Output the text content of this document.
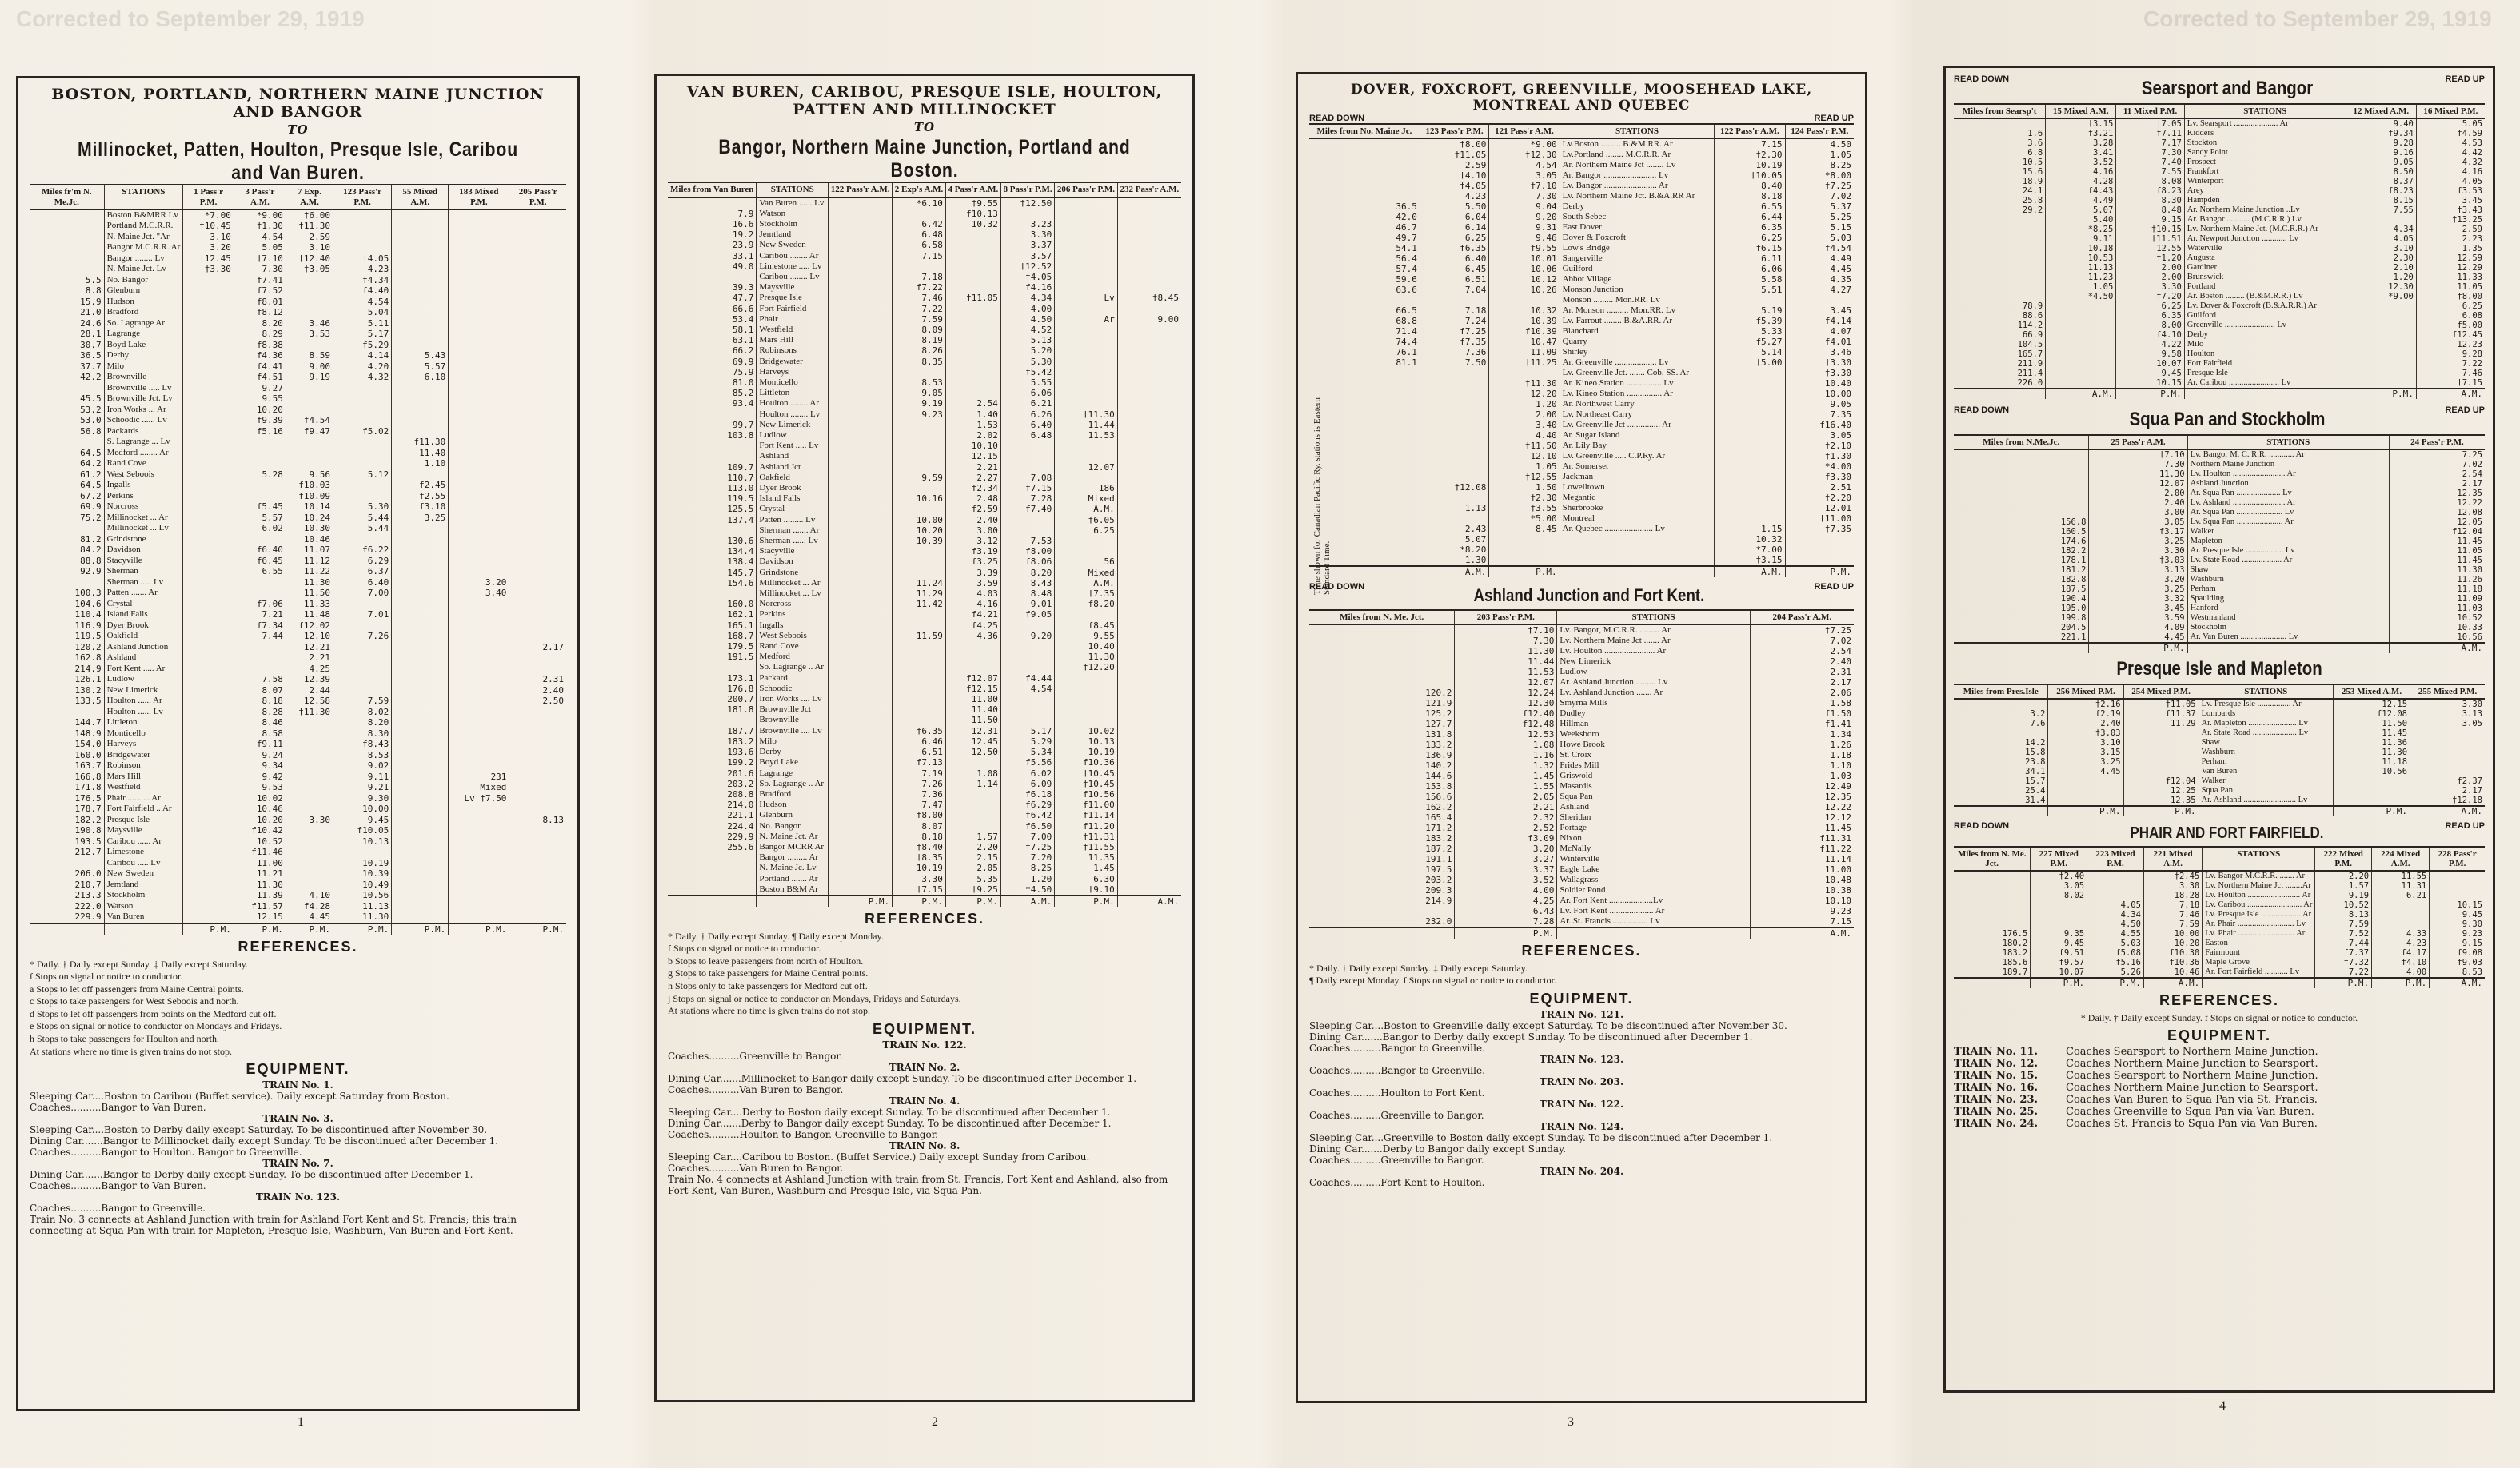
Corrected to September 29, 1919	Corrected to September 29, 1919
BOSTON, PORTLAND, NORTHERN MAINE JUNCTION AND BANGOR
TO
Millinocket, Patten, Houlton, Presque Isle, Caribou and Van Buren.
Miles fr'm N. Me.Jc.	STATIONS	1 Pass'r P.M.	3 Pass'r A.M.	7 Exp. A.M.	123 Pass'r P.M.	55 Mixed A.M.	183 Mixed P.M.	205 Pass'r P.M.
	Boston B&MRR Lv	*7.00	*9.00	†6.00				
	Portland M.C.R.R.	†10.45	†1.30	†11.30				
	N. Maine Jct. "Ar	3.10	4.54	2.59				
	Bangor M.C.R.R. Ar	3.20	5.05	3.10				
	Bangor ........ Lv	†12.45	†7.10	†12.40	†4.05			
	N. Maine Jct. Lv	†3.30	7.30	†3.05	4.23			
5.5	No. Bangor		f7.41		f4.34			
8.8	Glenburn		f7.52		f4.40			
15.9	Hudson		f8.01		4.54			
21.0	Bradford		f8.12		5.04			
24.6	So. Lagrange Ar		8.20	3.46	5.11			
28.1	Lagrange		8.29	3.53	5.17			
30.7	Boyd Lake		f8.38		f5.29			
36.5	Derby		f4.36	8.59	4.14	5.43		
37.7	Milo		f4.41	9.00	4.20	5.57		
42.2	Brownville		f4.51	9.19	4.32	6.10		
	Brownville ..... Lv		9.27					
45.5	Brownville Jct. Lv		9.55					
53.2	Iron Works ... Ar		10.20					
53.0	Schoodic ...... Lv		f9.39	f4.54				
56.8	Packards		f5.16	f9.47	f5.02			
	S. Lagrange ... Lv					f11.30		
64.5	Medford ........ Ar					11.40		
64.2	Rand Cove					1.10		
61.2	West Seboois		5.28	9.56	5.12			
64.5	Ingalls			f10.03		f2.45		
67.2	Perkins			f10.09		f2.55		
69.9	Norcross		f5.45	10.14	5.30	f3.10		
75.2	Millinocket ... Ar		5.57	10.24	5.44	3.25		
	Millinocket ... Lv		6.02	10.30	5.44			
81.2	Grindstone			10.46				
84.2	Davidson		f6.40	11.07	f6.22			
88.8	Stacyville		f6.45	11.12	6.29			
92.9	Sherman		6.55	11.22	6.37			
	Sherman ..... Lv			11.30	6.40		3.20	
100.3	Patten ....... Ar			11.50	7.00		3.40	
104.6	Crystal		f7.06	11.33				
110.4	Island Falls		7.21	11.48	7.01			
116.9	Dyer Brook		f7.34	f12.02				
119.5	Oakfield		7.44	12.10	7.26			
120.2	Ashland Junction			12.21				2.17
162.8	Ashland			2.21				
214.9	Fort Kent ..... Ar			4.25				
126.1	Ludlow		7.58	12.39				2.31
130.2	New Limerick		8.07	2.44				2.40
133.5	Houlton ...... Ar		8.18	12.58	7.59			2.50
	Houlton ...... Lv		8.28	†11.30	8.02			
144.7	Littleton		8.46		8.20			
148.9	Monticello		8.58		8.30			
154.0	Harveys		f9.11		f8.43			
160.0	Bridgewater		9.24		8.53			
163.7	Robinson		9.34		9.02			
166.8	Mars Hill		9.42		9.11		231	
171.8	Westfield		9.53		9.21		Mixed	
176.5	Phair .......... Ar		10.02		9.30		Lv †7.50	
178.7	Fort Fairfield .. Ar		10.46		10.00			
182.2	Presque Isle		10.20	3.30	9.45			8.13
190.8	Maysville		f10.42		f10.05			
193.5	Caribou ...... Ar		10.52		10.13			
212.7	Limestone		f11.46					
	Caribou ..... Lv		11.00		10.19			
206.0	New Sweden		11.21		10.39			
210.7	Jemtland		11.30		10.49			
213.3	Stockholm		11.39	4.10	10.56			
222.0	Watson		f11.57	f4.28	11.13			
229.9	Van Buren		12.15	4.45	11.30			
		P.M.	P.M.	P.M.	P.M.	P.M.	P.M.	P.M.
REFERENCES.
* Daily. † Daily except Sunday. ‡ Daily except Saturday.
f Stops on signal or notice to conductor.
a Stops to let off passengers from Maine Central points.
c Stops to take passengers for West Seboois and north.
d Stops to let off passengers from points on the Medford cut off.
e Stops on signal or notice to conductor on Mondays and Fridays.
h Stops to take passengers for Houlton and north.
At stations where no time is given trains do not stop.
EQUIPMENT.
TRAIN No. 1.

Sleeping Car....Boston to Caribou (Buffet service). Daily except Saturday from Boston.

Coaches..........Bangor to Van Buren.

TRAIN No. 3.

Sleeping Car....Boston to Derby daily except Saturday. To be discontinued after November 30.

Dining Car.......Bangor to Millinocket daily except Sunday. To be discontinued after December 1.

Coaches..........Bangor to Houlton. Bangor to Greenville.

TRAIN No. 7.

Dining Car.......Bangor to Derby daily except Sunday. To be discontinued after December 1.

Coaches..........Bangor to Van Buren.

TRAIN No. 123.

Coaches..........Bangor to Greenville.

Train No. 3 connects at Ashland Junction with train for Ashland Fort Kent and St. Francis; this train connecting at Squa Pan with train for Mapleton, Presque Isle, Washburn, Van Buren and Fort Kent.

1
VAN BUREN, CARIBOU, PRESQUE ISLE, HOULTON, PATTEN AND MILLINOCKET
TO
Bangor, Northern Maine Junction, Portland and Boston.
Miles from Van Buren	STATIONS	122 Pass'r A.M.	2 Exp's A.M.	4 Pass'r A.M.	8 Pass'r P.M.	206 Pass'r P.M.	232 Pass'r A.M.
	Van Buren ...... Lv		*6.10	†9.55	†12.50		
7.9	Watson			f10.13			
16.6	Stockholm		6.42	10.32	3.23		
19.2	Jemtland		6.48		3.30		
23.9	New Sweden		6.58		3.37		
33.1	Caribou ........ Ar		7.15		3.57		
49.0	Limestone ..... Lv				†12.52		
	Caribou ........ Lv		7.18		†4.05		
39.3	Maysville		f7.22		f4.16		
47.7	Presque Isle		7.46	†11.05	4.34	Lv	†8.45
66.6	Fort Fairfield		7.22		4.00		
53.4	Phair		7.59		4.50	Ar	9.00
58.1	Westfield		8.09		4.52		
63.1	Mars Hill		8.19		5.13		
66.2	Robinsons		8.26		5.20		
69.9	Bridgewater		8.35		5.30		
75.9	Harveys				f5.42		
81.0	Monticello		8.53		5.55		
85.2	Littleton		9.05		6.06		
93.4	Houlton ........ Ar		9.19	2.54	6.21		
	Houlton ........ Lv		9.23	1.40	6.26	†11.30	
99.7	New Limerick			1.53	6.40	11.44	
103.8	Ludlow			2.02	6.48	11.53	
	Fort Kent ..... Lv			10.10			
	Ashland			12.15			
109.7	Ashland Jct			2.21		12.07	
110.7	Oakfield		9.59	2.27	7.08		
113.0	Dyer Brook			f2.34	f7.15	186	
119.5	Island Falls		10.16	2.48	7.28	Mixed	
125.5	Crystal			f2.59	f7.40	A.M.	
137.4	Patten ......... Lv		10.00	2.40		†6.05	
	Sherman ....... Ar		10.20	3.00		6.25	
130.6	Sherman ...... Lv		10.39	3.12	7.53		
134.4	Stacyville			f3.19	f8.00		
138.4	Davidson			f3.25	f8.06	56	
145.7	Grindstone			3.39	8.20	Mixed	
154.6	Millinocket ... Ar		11.24	3.59	8.43	A.M.	
	Millinocket ... Lv		11.29	4.03	8.48	†7.35	
160.0	Norcross		11.42	4.16	9.01	f8.20	
162.1	Perkins			f4.21	f9.05		
165.1	Ingalls			f4.25		f8.45	
168.7	West Seboois		11.59	4.36	9.20	9.55	
179.5	Rand Cove					10.40	
191.5	Medford					11.30	
	So. Lagrange .. Ar					†12.20	
173.1	Packard			f12.07	f4.44		
176.8	Schoodic			f12.15	4.54		
200.7	Iron Works .... Lv			11.00			
181.8	Brownville Jct			11.40			
	Brownville			11.50			
187.7	Brownville .... Lv		†6.35	12.31	5.17	10.02	
183.2	Milo		6.46	12.45	5.29	10.13	
193.6	Derby		6.51	12.50	5.34	10.19	
199.2	Boyd Lake		f7.13		f5.56	f10.36	
201.6	Lagrange		7.19	1.08	6.02	†10.45	
203.2	So. Lagrange .. Ar		7.26	1.14	6.09	†10.45	
208.8	Bradford		7.36		f6.18	f10.56	
214.0	Hudson		7.47		f6.29	f11.00	
221.1	Glenburn		f8.00		f6.42	f11.14	
224.4	No. Bangor		8.07		f6.50	f11.20	
229.9	N. Maine Jct. Ar		8.18	1.57	7.00	†11.31	
255.6	Bangor MCRR Ar		†8.40	2.20	†7.25	†11.55	
	Bangor ......... Ar		†8.35	2.15	7.20	11.35	
	N. Maine Jc. Lv		10.19	2.05	8.25	1.45	
	Portland ....... Ar		3.30	5.35	1.20	6.30	
	Boston B&M Ar		†7.15	†9.25	*4.50	†9.10	
		P.M.	P.M.	P.M.	A.M.	P.M.	A.M.
REFERENCES.
* Daily. † Daily except Sunday. ¶ Daily except Monday.
f Stops on signal or notice to conductor.
b Stops to leave passengers from north of Houlton.
g Stops to take passengers for Maine Central points.
h Stops only to take passengers for Medford cut off.
j Stops on signal or notice to conductor on Mondays, Fridays and Saturdays.
At stations where no time is given trains do not stop.
EQUIPMENT.
TRAIN No. 122.

Coaches..........Greenville to Bangor.

TRAIN No. 2.

Dining Car.......Millinocket to Bangor daily except Sunday. To be discontinued after December 1.

Coaches..........Van Buren to Bangor.

TRAIN No. 4.

Sleeping Car....Derby to Boston daily except Sunday. To be discontinued after December 1.

Dining Car.......Derby to Bangor daily except Sunday. To be discontinued after December 1.

Coaches..........Houlton to Bangor. Greenville to Bangor.

TRAIN No. 8.

Sleeping Car....Caribou to Boston. (Buffet Service.) Daily except Sunday from Caribou.

Coaches..........Van Buren to Bangor.

Train No. 4 connects at Ashland Junction with train from St. Francis, Fort Kent and Ashland, also from Fort Kent, Van Buren, Washburn and Presque Isle, via Squa Pan.

2
DOVER, FOXCROFT, GREENVILLE, MOOSEHEAD LAKE, MONTREAL AND QUEBEC
READ DOWN	READ UP
Miles from No. Maine Jc.	123 Pass'r P.M.	121 Pass'r A.M.	STATIONS	122 Pass'r A.M.	124 Pass'r P.M.
	†8.00	*9.00	Lv.Boston ......... B.&M.RR. Ar	7.15	4.50
	†11.05	†12.30	Lv.Portland ........ M.C.R.R. Ar	†2.30	1.05
	2.59	4.54	Ar. Northern Maine Jct ........ Lv	10.19	8.25
	†4.10	3.05	Ar. Bangor ........................ Lv	†10.05	*8.00
	†4.05	†7.10	Lv. Bangor ........................ Ar	8.40	†7.25
	4.23	7.30	Lv. Northern Maine Jct. B.&A.RR Ar	8.18	7.02
36.5	5.50	9.04	Derby	6.55	5.37
42.0	6.04	9.20	South Sebec	6.44	5.25
46.7	6.14	9.31	East Dover	6.35	5.15
49.7	6.25	9.46	Dover & Foxcroft	6.25	5.03
54.1	f6.35	f9.55	Low's Bridge	f6.15	f4.54
56.4	6.40	10.01	Sangerville	6.11	4.49
57.4	6.45	10.06	Guilford	6.06	4.45
59.6	6.51	10.12	Abbot Village	5.58	4.35
63.6	7.04	10.26	Monson Junction	5.51	4.27
			Monson ......... Mon.RR. Lv		
66.5	7.18	10.32	Ar. Monson .......... Mon.RR. Lv	5.19	3.45
68.8	7.24	10.39	Lv. Farrout ........ B.&A.RR. Ar	f5.39	f4.14
71.4	f7.25	f10.39	Blanchard	5.33	4.07
74.4	f7.35	10.47	Quarry	f5.27	f4.01
76.1	7.36	11.09	Shirley	5.14	3.46
81.1	7.50	†11.25	Ar. Greenville ................... Lv	†5.00	†3.30
			Lv. Greenville Jct. ....... Cob. SS. Ar		†3.30
		†11.30	Ar. Kineo Station ................ Lv		10.40
		12.20	Lv. Kineo Station ................ Ar		10.00
		1.20	Ar. Northwest Carry		9.05
		2.00	Lv. Northeast Carry		7.35
		3.40	Lv. Greenville Jct ............... Ar		f16.40
		4.40	Ar. Sugar Island		3.05
		†11.50	Ar. Lily Bay		†2.10
		12.10	Lv. Greenville ..... C.P.Ry. Ar		†1.30
		1.05	Ar. Somerset		*4.00
		†12.55	Jackman		f3.30
	†12.08	1.50	Lowelltown		2.51
		†2.30	Megantic		†2.20
	1.13	†3.55	Sherbrooke		12.01
		*5.00	Montreal		†11.00
	2.43	8.45	Ar. Quebec ...................... Lv	1.15	†7.35
	5.07			10.32	
	*8.20			*7.00	
	1.30			†3.15	
	A.M.	P.M.		A.M.	P.M.
Time shown for Canadian Pacific Ry. stations is Eastern Standard Time.
READ DOWN	Ashland Junction and Fort Kent.	READ UP
Miles from N. Me. Jct.	203 Pass'r P.M.	STATIONS	204 Pass'r A.M.
	†7.10	Lv. Bangor, M.C.R.R. ......... Ar	†7.25
	7.30	Lv. Northern Maine Jct ....... Ar	7.02
	11.30	Lv. Houlton ....................... Ar	2.54
	11.44	New Limerick	2.40
	11.53	Ludlow	2.31
	12.07	Ar. Ashland Junction ......... Lv	2.17
120.2	12.24	Lv. Ashland Junction ....... Ar	2.06
121.9	12.30	Smyrna Mills	1.58
125.2	f12.40	Dudley	f1.50
127.7	f12.48	Hillman	f1.41
131.8	12.53	Weeksboro	1.34
133.2	1.08	Howe Brook	1.26
136.9	1.16	St. Croix	1.18
140.2	1.32	Frides Mill	1.10
144.6	1.45	Griswold	1.03
153.8	1.55	Masardis	12.49
156.6	2.05	Squa Pan	12.35
162.2	2.21	Ashland	12.22
165.4	2.32	Sheridan	12.12
171.2	2.52	Portage	11.45
183.2	f3.09	Nixon	f11.31
187.2	3.20	McNally	f11.22
191.1	3.27	Winterville	11.14
197.5	3.37	Eagle Lake	11.00
203.2	3.52	Wallagrass	10.48
209.3	4.00	Soldier Pond	10.38
214.9	4.25	Ar. Fort Kent ....................Lv	10.10
	6.43	Lv. Fort Kent .................... Ar	9.23
232.0	7.28	Ar. St. Francis ................ Lv	7.15
	P.M.		A.M.
REFERENCES.
* Daily. † Daily except Sunday. ‡ Daily except Saturday.
¶ Daily except Monday. f Stops on signal or notice to conductor.
EQUIPMENT.
TRAIN No. 121.

Sleeping Car....Boston to Greenville daily except Saturday. To be discontinued after November 30.

Dining Car.......Bangor to Derby daily except Sunday. To be discontinued after December 1.

Coaches..........Bangor to Greenville.

TRAIN No. 123.

Coaches..........Bangor to Greenville.

TRAIN No. 203.

Coaches..........Houlton to Fort Kent.

TRAIN No. 122.

Coaches..........Greenville to Bangor.

TRAIN No. 124.

Sleeping Car....Greenville to Boston daily except Sunday. To be discontinued after December 1.

Dining Car.......Derby to Bangor daily except Sunday.

Coaches..........Greenville to Bangor.

TRAIN No. 204.

Coaches..........Fort Kent to Houlton.

3
READ DOWN	Searsport and Bangor	READ UP
Miles from Searsp't	15 Mixed A.M.	11 Mixed P.M.	STATIONS	12 Mixed A.M.	16 Mixed P.M.
	†3.15	†7.05	Lv. Searsport ..................... Ar	9.40	5.05
1.6	f3.21	f7.11	Kidders	f9.34	f4.59
3.6	3.28	7.17	Stockton	9.28	4.53
6.8	3.41	7.30	Sandy Point	9.16	4.42
10.5	3.52	7.40	Prospect	9.05	4.32
15.6	4.16	7.55	Frankfort	8.50	4.16
18.9	4.28	8.08	Winterport	8.37	4.05
24.1	f4.43	f8.23	Arey	f8.23	f3.53
25.8	4.49	8.30	Hampden	8.15	3.45
29.2	5.07	8.48	Ar. Northern Maine Junction ..Lv	7.55	†3.43
	5.40	9.15	Ar. Bangor ........... (M.C.R.R.) Lv		†13.25
	*8.25	†10.15	Lv. Northern Maine Jct. (M.C.R.R.) Ar	4.34	2.59
	9.11	†11.51	Ar. Newport Junction ............ Lv	4.05	2.23
	10.18	12.55	Waterville	3.10	1.35
	10.53	†1.20	Augusta	2.30	12.59
	11.13	2.00	Gardiner	2.10	12.29
	11.23	2.00	Brunswick	1.20	11.33
	1.05	3.30	Portland	12.30	11.05
	*4.50	†7.20	Ar. Boston ......... (B.&M.R.R.) Lv	*9.00	†8.00
78.9		6.25	Lv. Dover & Foxcroft (B.&A.R.R.) Ar		6.25
88.6		6.35	Guilford		6.08
114.2		8.00	Greenville ........................ Lv		f5.00
66.9		f4.10	Derby		f12.45
104.5		4.22	Milo		12.23
165.7		9.58	Houlton		9.28
211.9		10.07	Fort Fairfield		7.22
211.4		9.45	Presque Isle		7.46
226.0		10.15	Ar. Caribou ........................ Lv		†7.15
	A.M.	P.M.		P.M.	A.M.
READ DOWN	Squa Pan and Stockholm	READ UP
Miles from N.Me.Jc.	25 Pass'r A.M.	STATIONS	24 Pass'r P.M.
	†7.10	Lv. Bangor M. C. R.R. ............ Ar	7.25
	7.30	Northern Maine Junction	7.02
	11.30	Lv. Houlton ......................... Ar	2.54
	12.07	Ashland Junction	2.17
	2.00	Ar. Squa Pan ..................... Lv	12.35
	2.40	Lv. Ashland ......................... Ar	12.22
	3.00	Ar. Squa Pan ...................... Lv	12.08
156.8	3.05	Lv. Squa Pan ...................... Ar	12.05
160.5	f3.17	Walker	f12.04
174.6	3.25	Mapleton	11.45
182.2	3.30	Ar. Presque Isle .................. Lv	11.05
178.1	†3.03	Lv. State Road ................... Ar	11.45
181.2	3.13	Shaw	11.30
182.8	3.20	Washburn	11.26
187.5	3.25	Perham	11.18
190.4	3.32	Spaulding	11.09
195.0	3.45	Hanford	11.03
199.8	3.59	Westmanland	10.52
204.5	4.09	Stockholm	10.33
221.1	4.45	Ar. Van Buren ...................... Lv	10.56
	P.M.		A.M.
Presque Isle and Mapleton
Miles from Pres.Isle	256 Mixed P.M.	254 Mixed P.M.	STATIONS	253 Mixed A.M.	255 Mixed P.M.
	†2.16	†11.05	Lv. Presque Isle ................ Ar	12.15	3.30
3.2	f2.19	f11.37	Lombards	f12.08	3.13
7.6	2.40	11.29	Ar. Mapleton ....................... Lv	11.50	3.05
	†3.03		Ar. State Road ..................... Lv	11.45	
14.2	3.10		Shaw	11.36	
15.8	3.15		Washburn	11.30	
23.8	3.25		Perham	11.18	
34.1	4.45		Van Buren	10.56	
15.7		f12.04	Walker		f2.37
25.4		12.25	Squa Pan		2.17
31.4		12.35	Ar. Ashland ......................... Lv		†12.18
	P.M.	P.M.		P.M.	A.M.
READ DOWN	PHAIR AND FORT FAIRFIELD.	READ UP
Miles from N. Me. Jct.	227 Mixed P.M.	223 Mixed P.M.	221 Mixed A.M.	STATIONS	222 Mixed P.M.	224 Mixed A.M.	228 Pass'r P.M.
	†2.40		†2.45	Lv. Bangor M.C.R.R. ....... Ar	2.20	11.55	
	3.05		3.30	Lv. Northern Maine Jct ........Ar	1.57	11.31	
	8.02		18.28	Lv. Houlton ......................... Ar	9.19	6.21	
		4.05	7.18	Lv. Caribou .......................... Ar	10.52		10.15
		4.34	7.46	Lv. Presque Isle ................... Ar	8.13		9.45
		4.50	7.59	Ar. Phair ........................... Lv	7.59		9.30
176.5	9.35	4.55	10.00	Lv. Phair ........................... Ar	7.52	4.33	9.23
180.2	9.45	5.03	10.20	Easton	7.44	4.23	9.15
183.2	f9.51	f5.08	f10.30	Fairmount	f7.37	f4.17	f9.08
185.6	f9.57	f5.16	f10.36	Maple Grove	f7.32	f4.10	f9.03
189.7	10.07	5.26	10.46	Ar. Fort Fairfield ........... Lv	7.22	4.00	8.53
	P.M.	P.M.	A.M.		P.M.	P.M.	A.M.
REFERENCES.
* Daily. † Daily except Sunday. f Stops on signal or notice to conductor.
EQUIPMENT.
TRAIN No. 11.	Coaches Searsport to Northern Maine Junction.
TRAIN No. 12.	Coaches Northern Maine Junction to Searsport.
TRAIN No. 15.	Coaches Searsport to Northern Maine Junction.
TRAIN No. 16.	Coaches Northern Maine Junction to Searsport.
TRAIN No. 23.	Coaches Van Buren to Squa Pan via St. Francis.
TRAIN No. 25.	Coaches Greenville to Squa Pan via Van Buren.
TRAIN No. 24.	Coaches St. Francis to Squa Pan via Van Buren.
4
